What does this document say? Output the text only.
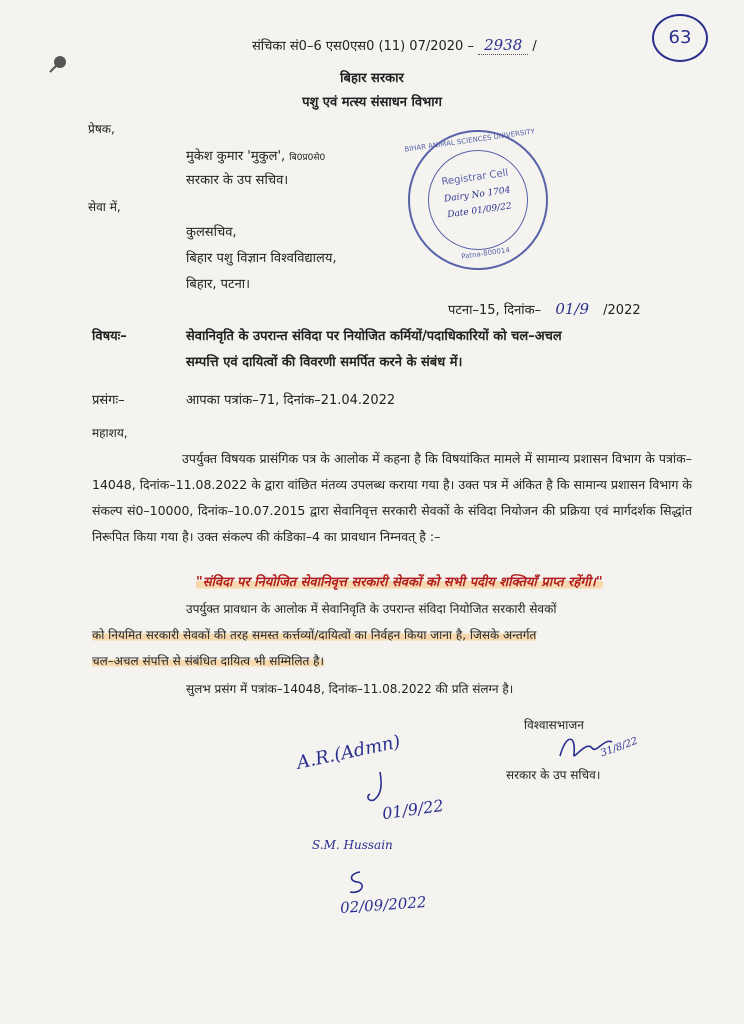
संचिका सं0–6 एस0एस0 (11) 07/2020 – 2938 /	63
बिहार सरकार
पशु एवं मत्स्य संसाधन विभाग
प्रेषक,
मुकेश कुमार 'मुकुल', बि0प्र0से0
सरकार के उप सचिव।
सेवा में,
कुलसचिव,
बिहार पशु विज्ञान विश्वविद्यालय,
बिहार, पटना।
BIHAR ANIMAL SCIENCES UNIVERSITY
Registrar Cell
Dairy No 1704
Date 01/09/22
Patna-800014
पटना–15, दिनांक– 01/9 /2022
विषयः–	सेवानिवृति के उपरान्त संविदा पर नियोजित कर्मियों/पदाधिकारियों को चल–अचल
सम्पत्ति एवं दायित्वों की विवरणी समर्पित करने के संबंध में।
प्रसंगः–	आपका पत्रांक–71, दिनांक–21.04.2022
महाशय,
उपर्युक्त विषयक प्रासंगिक पत्र के आलोक में कहना है कि विषयांकित मामले में सामान्य प्रशासन विभाग के पत्रांक–14048, दिनांक–11.08.2022 के द्वारा वांछित मंतव्य उपलब्ध कराया गया है। उक्त पत्र में अंकित है कि सामान्य प्रशासन विभाग के संकल्प सं0–10000, दिनांक–10.07.2015 द्वारा सेवानिवृत्त सरकारी सेवकों के संविदा नियोजन की प्रक्रिया एवं मार्गदर्शक सिद्धांत निरूपित किया गया है। उक्त संकल्प की कंडिका–4 का प्रावधान निम्नवत् है :–
"संविदा पर नियोजित सेवानिवृत्त सरकारी सेवकों को सभी पदीय शक्तियाँ प्राप्त रहेंगी।"
उपर्युक्त प्रावधान के आलोक में सेवानिवृति के उपरान्त संविदा नियोजित सरकारी सेवकों
को नियमित सरकारी सेवकों की तरह समस्त कर्त्तव्यों/दायित्वों का निर्वहन किया जाना है, जिसके अन्तर्गत
चल–अचल संपत्ति से संबंधित दायित्व भी सम्मिलित है।
सुलभ प्रसंग में पत्रांक–14048, दिनांक–11.08.2022 की प्रति संलग्न है।
विश्वासभाजन
31/8/22
सरकार के उप सचिव।
A.R.(Admn)
01/9/22
S.M. Hussain
02/09/2022
